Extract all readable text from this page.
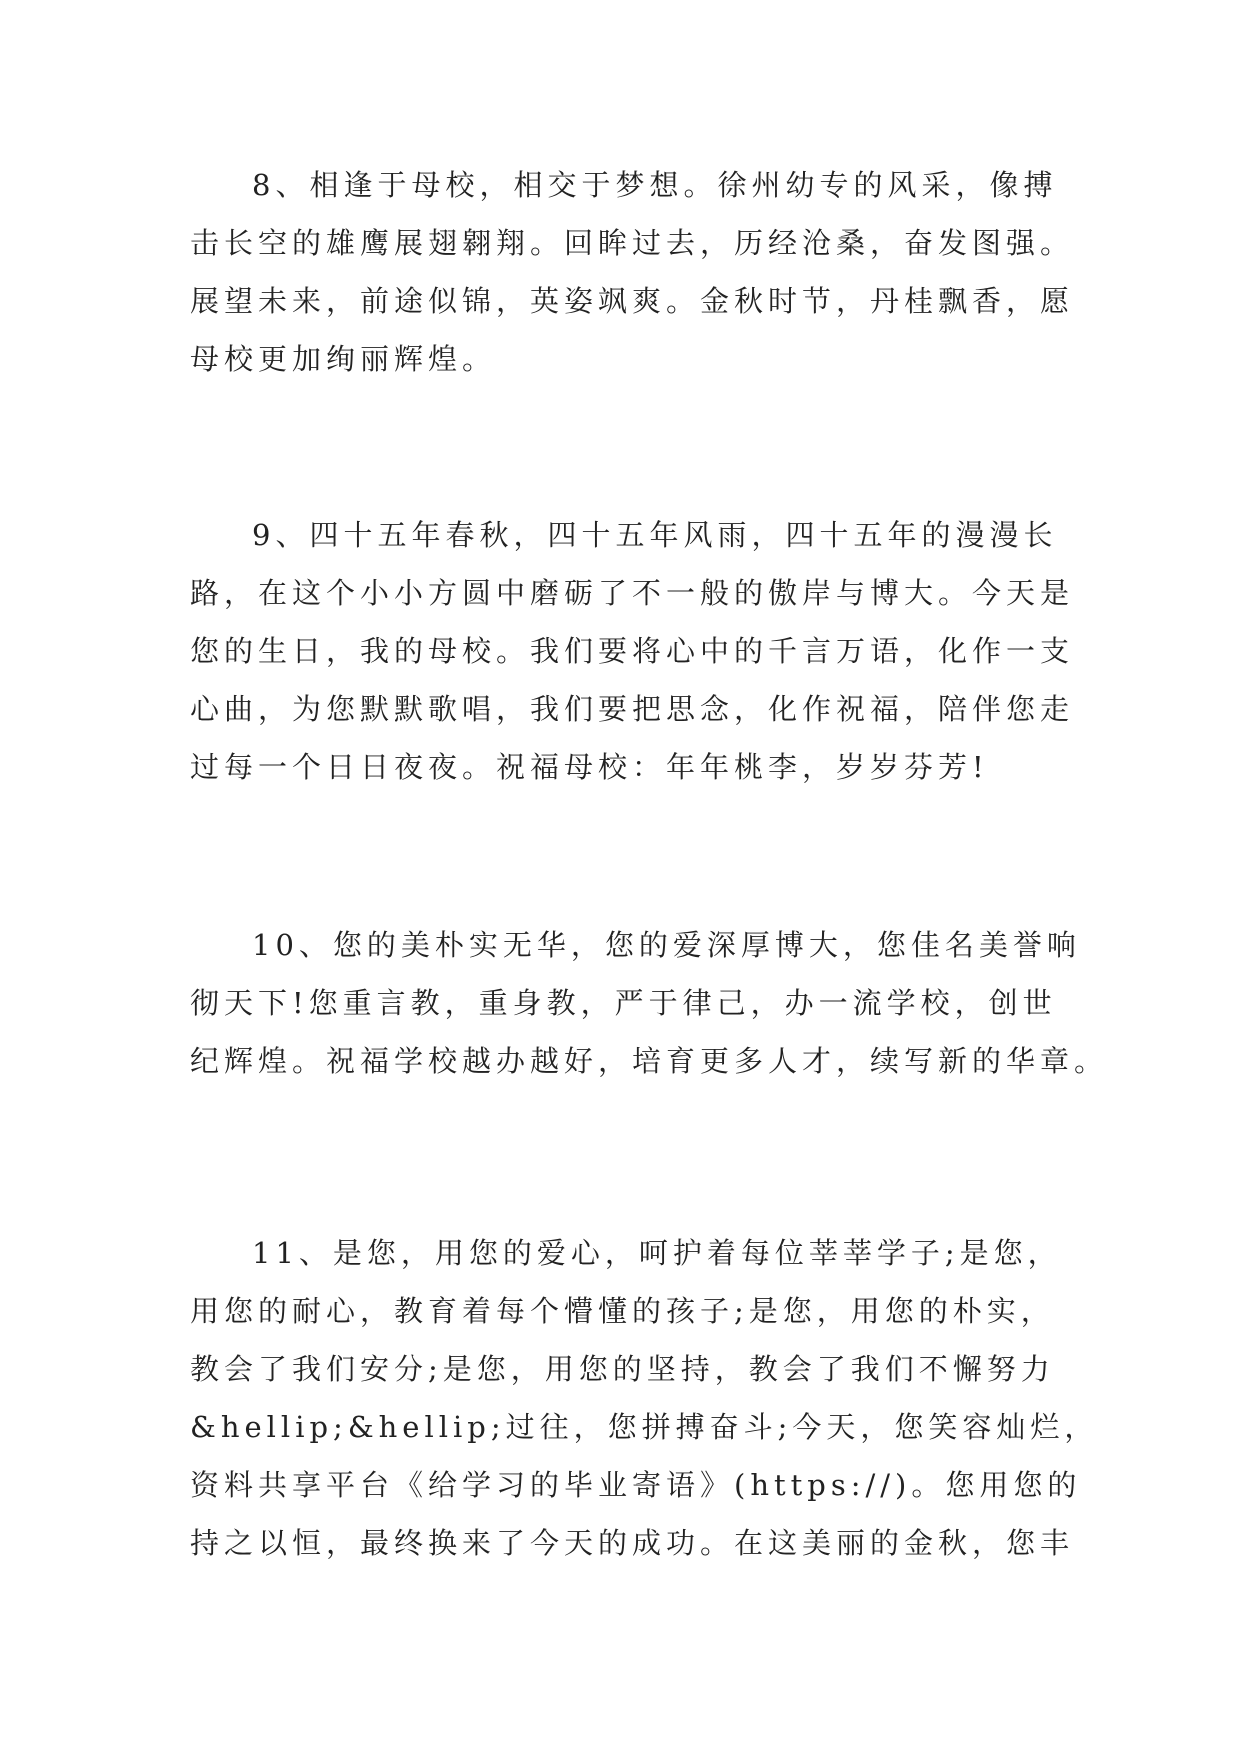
8、相逢于母校，相交于梦想。徐州幼专的风采，像搏
击长空的雄鹰展翅翱翔。回眸过去，历经沧桑，奋发图强。
展望未来，前途似锦，英姿飒爽。金秋时节，丹桂飘香，愿
母校更加绚丽辉煌。
9、四十五年春秋，四十五年风雨，四十五年的漫漫长
路，在这个小小方圆中磨砺了不一般的傲岸与博大。今天是
您的生日，我的母校。我们要将心中的千言万语，化作一支
心曲，为您默默歌唱，我们要把思念，化作祝福，陪伴您走
过每一个日日夜夜。祝福母校：年年桃李，岁岁芬芳!
10、您的美朴实无华，您的爱深厚博大，您佳名美誉响
彻天下!您重言教，重身教，严于律己，办一流学校，创世
纪辉煌。祝福学校越办越好，培育更多人才，续写新的华章。
11、是您，用您的爱心，呵护着每位莘莘学子;是您，
用您的耐心，教育着每个懵懂的孩子;是您，用您的朴实，
教会了我们安分;是您，用您的坚持，教会了我们不懈努力
&hellip;&hellip;过往，您拼搏奋斗;今天，您笑容灿烂，
资料共享平台《给学习的毕业寄语》(https://)。您用您的
持之以恒，最终换来了今天的成功。在这美丽的金秋，您丰
